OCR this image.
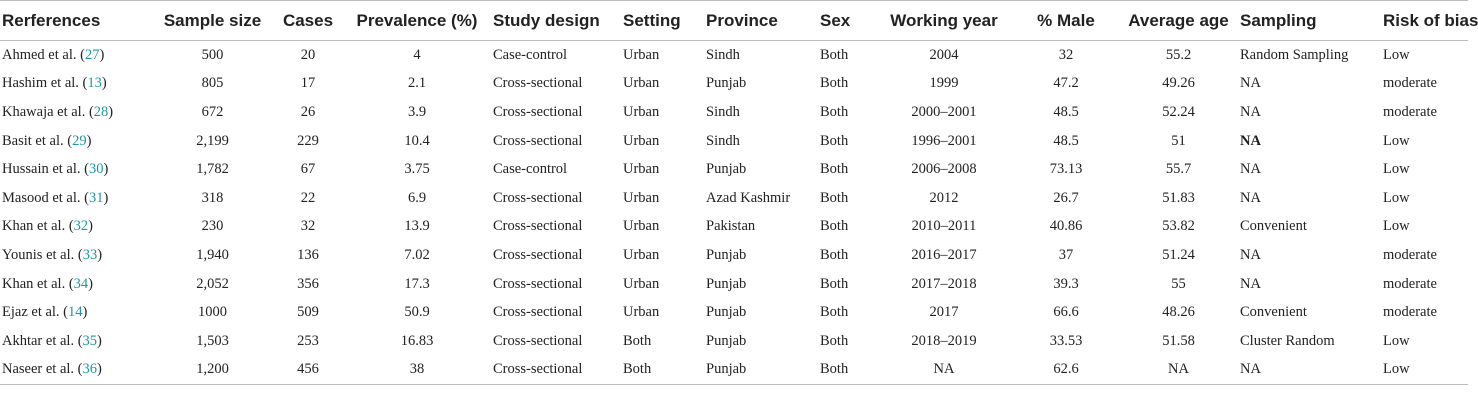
Rerferences	Sample size	Cases	Prevalence (%)	Study design	Setting	Province	Sex	Working year	% Male	Average age	Sampling	Risk of bias
Ahmed et al. (27)	500	20	4	Case-control	Urban	Sindh	Both	2004	32	55.2	Random Sampling	Low
Hashim et al. (13)	805	17	2.1	Cross-sectional	Urban	Punjab	Both	1999	47.2	49.26	NA	moderate
Khawaja et al. (28)	672	26	3.9	Cross-sectional	Urban	Sindh	Both	2000–2001	48.5	52.24	NA	moderate
Basit et al. (29)	2,199	229	10.4	Cross-sectional	Urban	Sindh	Both	1996–2001	48.5	51	NA	Low
Hussain et al. (30)	1,782	67	3.75	Case-control	Urban	Punjab	Both	2006–2008	73.13	55.7	NA	Low
Masood et al. (31)	318	22	6.9	Cross-sectional	Urban	Azad Kashmir	Both	2012	26.7	51.83	NA	Low
Khan et al. (32)	230	32	13.9	Cross-sectional	Urban	Pakistan	Both	2010–2011	40.86	53.82	Convenient	Low
Younis et al. (33)	1,940	136	7.02	Cross-sectional	Urban	Punjab	Both	2016–2017	37	51.24	NA	moderate
Khan et al. (34)	2,052	356	17.3	Cross-sectional	Urban	Punjab	Both	2017–2018	39.3	55	NA	moderate
Ejaz et al. (14)	1000	509	50.9	Cross-sectional	Urban	Punjab	Both	2017	66.6	48.26	Convenient	moderate
Akhtar et al. (35)	1,503	253	16.83	Cross-sectional	Both	Punjab	Both	2018–2019	33.53	51.58	Cluster Random	Low
Naseer et al. (36)	1,200	456	38	Cross-sectional	Both	Punjab	Both	NA	62.6	NA	NA	Low
